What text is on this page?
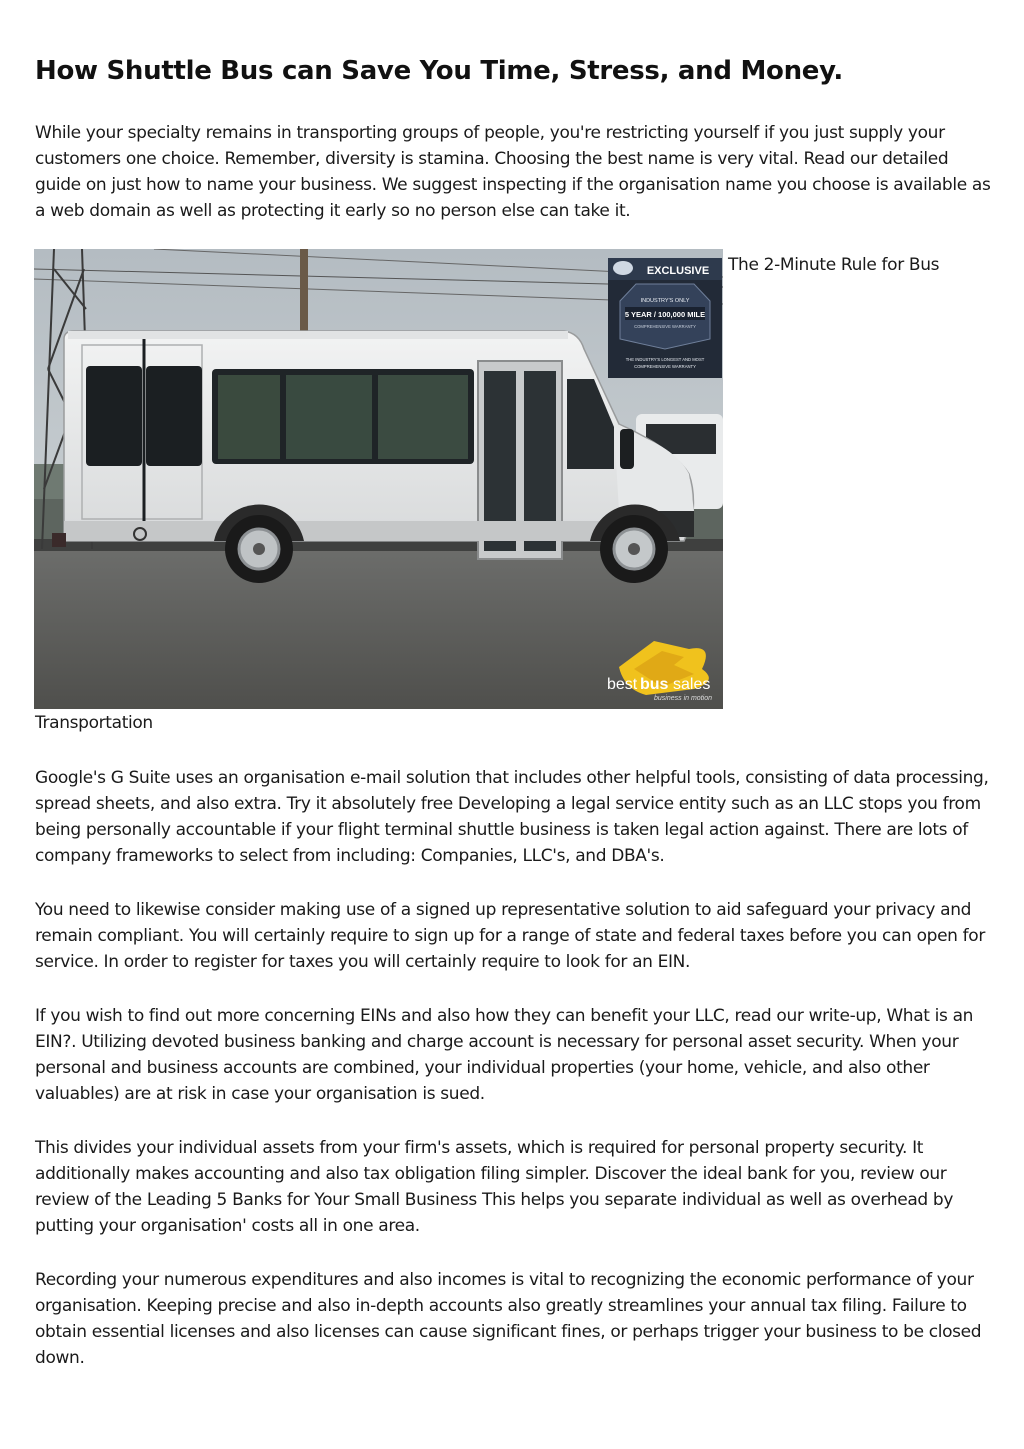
How Shuttle Bus can Save You Time, Stress, and Money.

While your specialty remains in transporting groups of people, you're restricting yourself if you just supply your customers one choice. Remember, diversity is stamina. Choosing the best name is very vital. Read our detailed guide on just how to name your business. We suggest inspecting if the organisation name you choose is available as a web domain as well as protecting it early so no person else can take it.

EXCLUSIVE
INDUSTRY'S ONLY
5 YEAR / 100,000 MILE
COMPREHENSIVE WARRANTY
THE INDUSTRY'S LONGEST AND MOST
COMPREHENSIVE WARRANTY
best bus sales
business in motion
The 2-Minute Rule for Bus
Transportation

Google's G Suite uses an organisation e-mail solution that includes other helpful tools, consisting of data processing, spread sheets, and also extra. Try it absolutely free Developing a legal service entity such as an LLC stops you from being personally accountable if your flight terminal shuttle business is taken legal action against. There are lots of company frameworks to select from including: Companies, LLC's, and DBA's.

You need to likewise consider making use of a signed up representative solution to aid safeguard your privacy and remain compliant. You will certainly require to sign up for a range of state and federal taxes before you can open for service. In order to register for taxes you will certainly require to look for an EIN.

If you wish to find out more concerning EINs and also how they can benefit your LLC, read our write-up, What is an EIN?. Utilizing devoted business banking and charge account is necessary for personal asset security. When your personal and business accounts are combined, your individual properties (your home, vehicle, and also other valuables) are at risk in case your organisation is sued.

This divides your individual assets from your firm's assets, which is required for personal property security. It additionally makes accounting and also tax obligation filing simpler. Discover the ideal bank for you, review our review of the Leading 5 Banks for Your Small Business This helps you separate individual as well as overhead by putting your organisation' costs all in one area.

Recording your numerous expenditures and also incomes is vital to recognizing the economic performance of your organisation. Keeping precise and also in-depth accounts also greatly streamlines your annual tax filing. Failure to obtain essential licenses and also licenses can cause significant fines, or perhaps trigger your business to be closed down.
